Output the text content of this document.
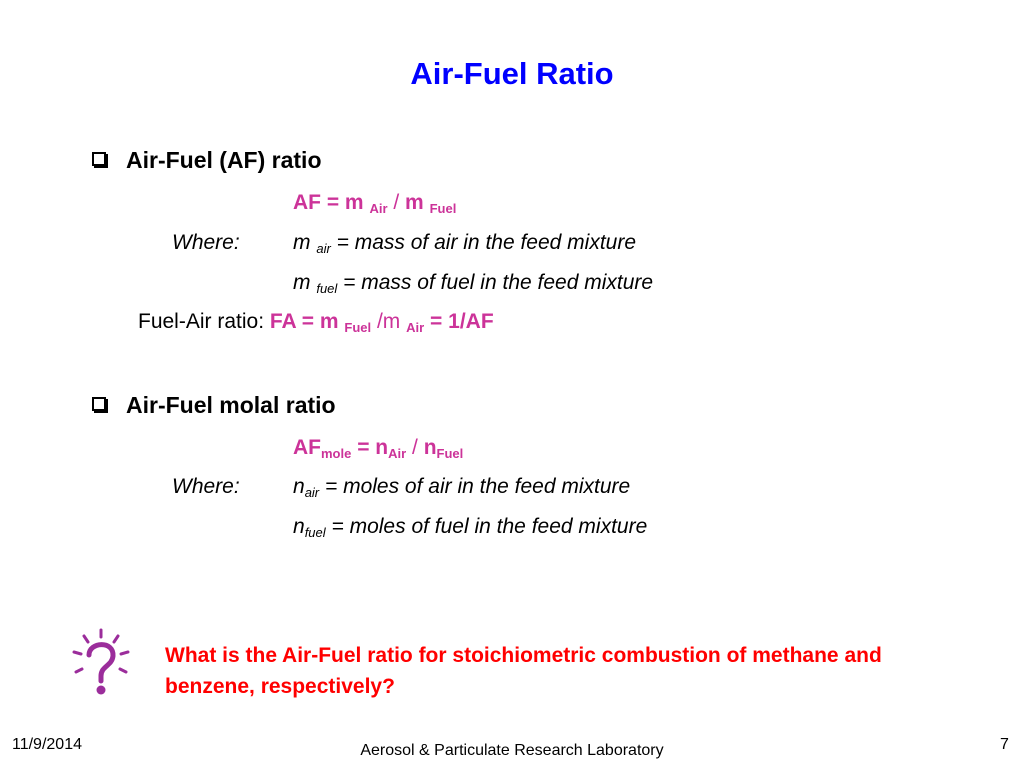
Air-Fuel Ratio
Air-Fuel (AF) ratio
AF = m $_{Air}$ / m $_{Fuel}$
Where:	m $_{air}$ = mass of air in the feed mixture
m $_{fuel}$ = mass of fuel in the feed mixture
Fuel-Air ratio: FA = m $_{Fuel}$ /m $_{Air}$ = 1/AF
Air-Fuel molal ratio
$AF_{mole} = n_{Air} / n_{Fuel}$
Where:	$n_{air}$ = moles of air in the feed mixture
$n_{fuel}$ = moles of fuel in the feed mixture
What is the Air-Fuel ratio for stoichiometric combustion of methane and benzene, respectively?
11/9/2014	Aerosol & Particulate Research Laboratory	7
